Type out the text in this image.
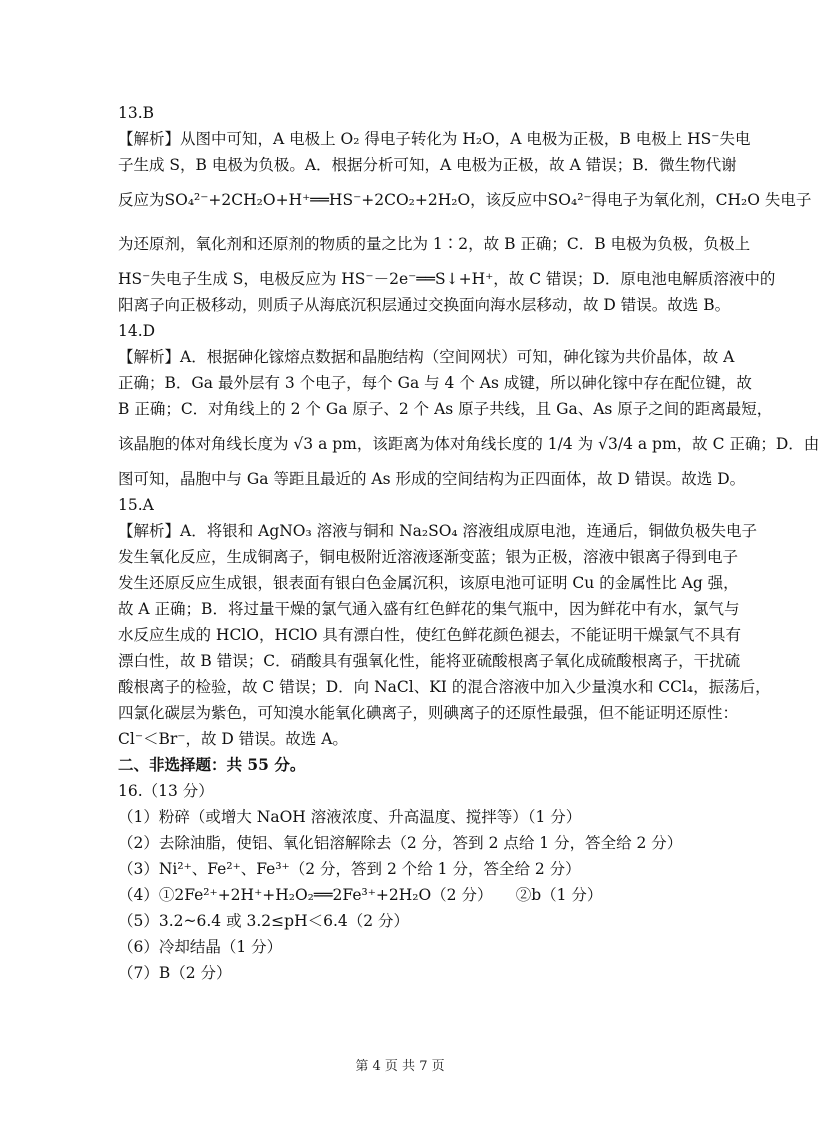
13.B
【解析】从图中可知，A 电极上 O₂ 得电子转化为 H₂O，A 电极为正极，B 电极上 HS⁻失电
子生成 S，B 电极为负极。A．根据分析可知，A 电极为正极，故 A 错误；B．微生物代谢
反应为SO₄²⁻+2CH₂O+H⁺══HS⁻+2CO₂+2H₂O，该反应中SO₄²⁻得电子为氧化剂，CH₂O 失电子
为还原剂，氧化剂和还原剂的物质的量之比为 1∶2，故 B 正确；C．B 电极为负极，负极上
HS⁻失电子生成 S，电极反应为 HS⁻－2e⁻══S↓+H⁺，故 C 错误；D．原电池电解质溶液中的
阳离子向正极移动，则质子从海底沉积层通过交换面向海水层移动，故 D 错误。故选 B。
14.D
【解析】A．根据砷化镓熔点数据和晶胞结构（空间网状）可知，砷化镓为共价晶体，故 A
正确；B．Ga 最外层有 3 个电子，每个 Ga 与 4 个 As 成键，所以砷化镓中存在配位键，故
B 正确；C．对角线上的 2 个 Ga 原子、2 个 As 原子共线，且 Ga、As 原子之间的距离最短，
该晶胞的体对角线长度为 √3 a pm，该距离为体对角线长度的 1/4 为 √3/4 a pm，故 C 正确；D．由
图可知，晶胞中与 Ga 等距且最近的 As 形成的空间结构为正四面体，故 D 错误。故选 D。
15.A
【解析】A．将银和 AgNO₃ 溶液与铜和 Na₂SO₄ 溶液组成原电池，连通后，铜做负极失电子
发生氧化反应，生成铜离子，铜电极附近溶液逐渐变蓝；银为正极，溶液中银离子得到电子
发生还原反应生成银，银表面有银白色金属沉积，该原电池可证明 Cu 的金属性比 Ag 强，
故 A 正确；B．将过量干燥的氯气通入盛有红色鲜花的集气瓶中，因为鲜花中有水，氯气与
水反应生成的 HClO，HClO 具有漂白性，使红色鲜花颜色褪去，不能证明干燥氯气不具有
漂白性，故 B 错误；C．硝酸具有强氧化性，能将亚硫酸根离子氧化成硫酸根离子，干扰硫
酸根离子的检验，故 C 错误；D．向 NaCl、KI 的混合溶液中加入少量溴水和 CCl₄，振荡后，
四氯化碳层为紫色，可知溴水能氧化碘离子，则碘离子的还原性最强，但不能证明还原性：
Cl⁻＜Br⁻，故 D 错误。故选 A。
二、非选择题：共 55 分。
16.（13 分）
（1）粉碎（或增大 NaOH 溶液浓度、升高温度、搅拌等）（1 分）
（2）去除油脂，使铝、氧化铝溶解除去（2 分，答到 2 点给 1 分，答全给 2 分）
（3）Ni²⁺、Fe²⁺、Fe³⁺（2 分，答到 2 个给 1 分，答全给 2 分）
（4）①2Fe²⁺+2H⁺+H₂O₂══2Fe³⁺+2H₂O（2 分）　　②b（1 分）
（5）3.2~6.4 或 3.2≤pH＜6.4（2 分）
（6）冷却结晶（1 分）
（7）B（2 分）
第 4 页 共 7 页
